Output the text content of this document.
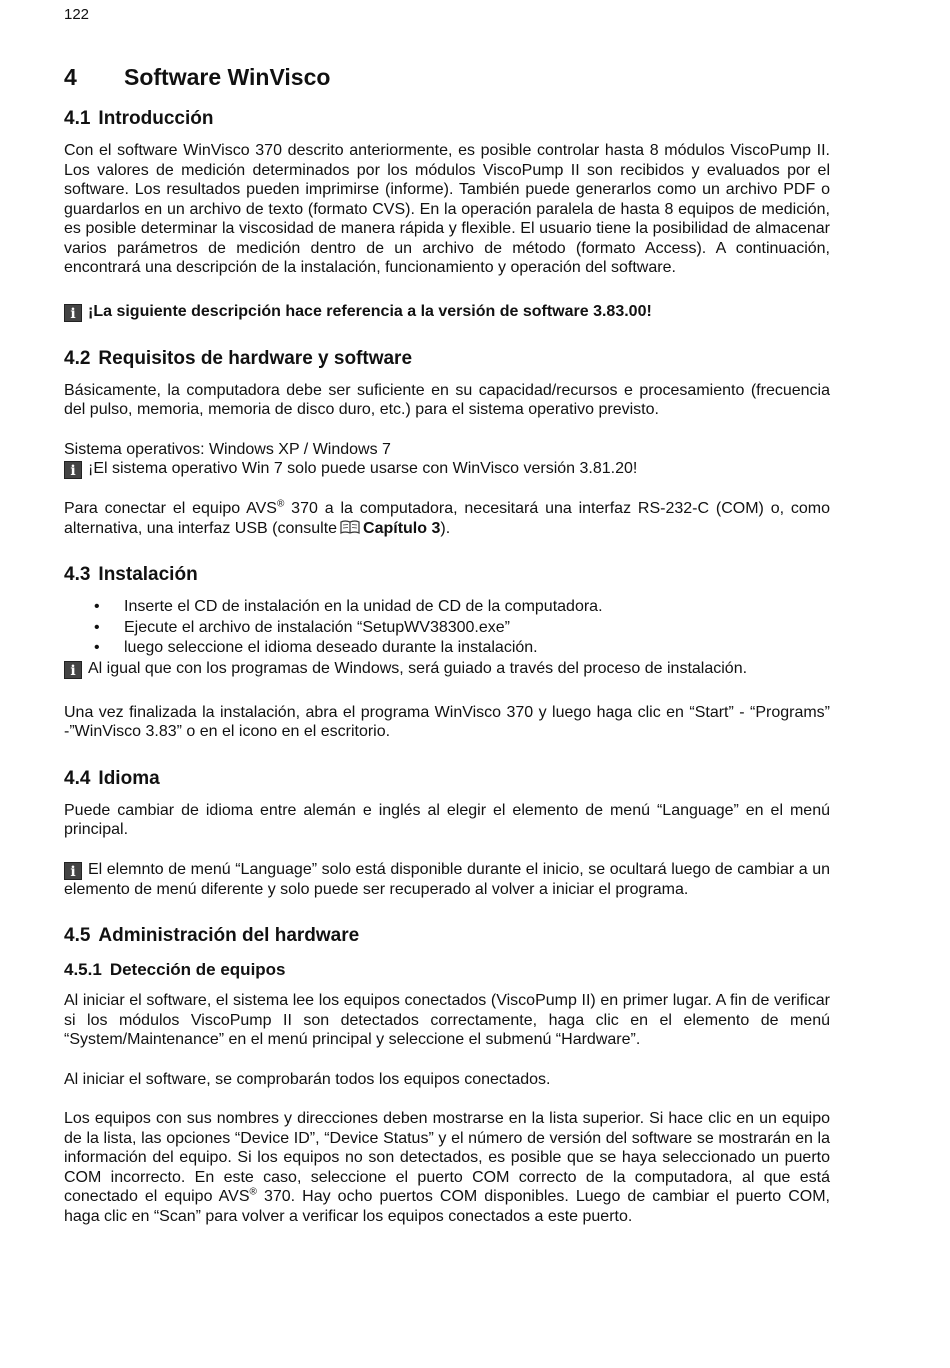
122
4	Software WinVisco
4.1 Introducción

Con el software WinVisco 370 descrito anteriormente, es posible controlar hasta 8 módulos ViscoPump II. Los valores de medición determinados por los módulos ViscoPump II son recibidos y evaluados por el software. Los resultados pueden imprimirse (informe). También puede generarlos como un archivo PDF o guardarlos en un archivo de texto (formato CVS). En la operación paralela de hasta 8 equipos de medición, es posible determinar la viscosidad de manera rápida y flexible. El usuario tiene la posibilidad de almacenar varios parámetros de medición dentro de un archivo de método (formato Access). A continuación, encontrará una descripción de la instalación, funcionamiento y operación del software.

i ¡La siguiente descripción hace referencia a la versión de software 3.83.00!

4.2 Requisitos de hardware y software

Básicamente, la computadora debe ser suficiente en su capacidad/recursos e procesamiento (frecuencia del pulso, memoria, memoria de disco duro, etc.) para el sistema operativo previsto.

Sistema operativos: Windows XP / Windows 7

i ¡El sistema operativo Win 7 solo puede usarse con WinVisco versión 3.81.20!

Para conectar el equipo AVS® 370 a la computadora, necesitará una interfaz RS-232-C (COM) o, como alternativa, una interfaz USB (consulte Capítulo 3).

4.3 Instalación
• Inserte el CD de instalación en la unidad de CD de la computadora.
• Ejecute el archivo de instalación “SetupWV38300.exe”
• luego seleccione el idioma deseado durante la instalación.

i Al igual que con los programas de Windows, será guiado a través del proceso de instalación.

Una vez finalizada la instalación, abra el programa WinVisco 370 y luego haga clic en “Start” - “Programs” -”WinVisco 3.83” o en el icono en el escritorio.

4.4 Idioma

Puede cambiar de idioma entre alemán e inglés al elegir el elemento de menú “Language” en el menú principal.

i El elemnto de menú “Language” solo está disponible durante el inicio, se ocultará luego de cambiar a un elemento de menú diferente y solo puede ser recuperado al volver a iniciar el programa.

4.5 Administración del hardware
4.5.1 Detección de equipos

Al iniciar el software, el sistema lee los equipos conectados (ViscoPump II) en primer lugar. A fin de verificar si los módulos ViscoPump II son detectados correctamente, haga clic en el elemento de menú “System/Maintenance” en el menú principal y seleccione el submenú “Hardware”.

Al iniciar el software, se comprobarán todos los equipos conectados.

Los equipos con sus nombres y direcciones deben mostrarse en la lista superior. Si hace clic en un equipo de la lista, las opciones “Device ID”, “Device Status” y el número de versión del software se mostrarán en la información del equipo. Si los equipos no son detectados, es posible que se haya seleccionado un puerto COM incorrecto. En este caso, seleccione el puerto COM correcto de la computadora, al que está conectado el equipo AVS® 370. Hay ocho puertos COM disponibles. Luego de cambiar el puerto COM, haga clic en “Scan” para volver a verificar los equipos conectados a este puerto.
